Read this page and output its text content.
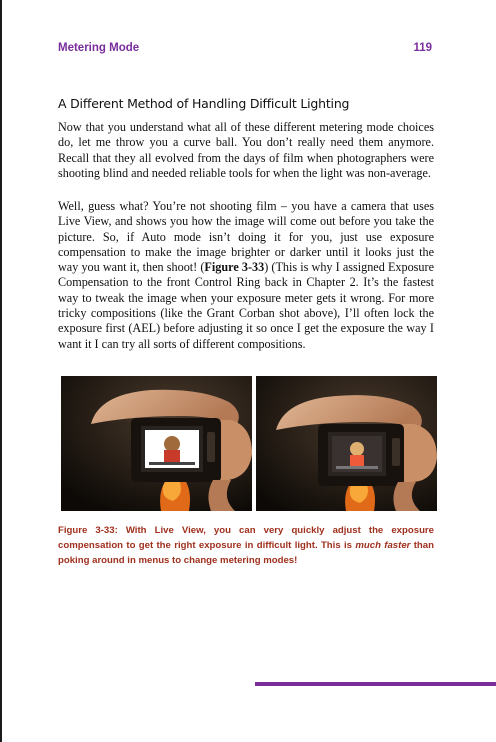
Metering Mode	119
A Different Method of Handling Difficult Lighting
Now that you understand what all of these different metering mode choices do, let me throw you a curve ball. You don’t really need them anymore. Recall that they all evolved from the days of film when photographers were shooting blind and needed reliable tools for when the light was non-average.
Well, guess what? You’re not shooting film – you have a camera that uses Live View, and shows you how the image will come out before you take the picture. So, if Auto mode isn’t doing it for you, just use exposure compensation to make the image brighter or darker until it looks just the way you want it, then shoot! (Figure 3-33) (This is why I assigned Exposure Compensation to the front Control Ring back in Chapter 2. It’s the fastest way to tweak the image when your exposure meter gets it wrong. For more tricky compositions (like the Grant Corban shot above), I’ll often lock the exposure first (AEL) before adjusting it so once I get the exposure the way I want it I can try all sorts of different compositions.
Figure 3-33: With Live View, you can very quickly adjust the exposure compensation to get the right exposure in difficult light. This is much faster than poking around in menus to change metering modes!
